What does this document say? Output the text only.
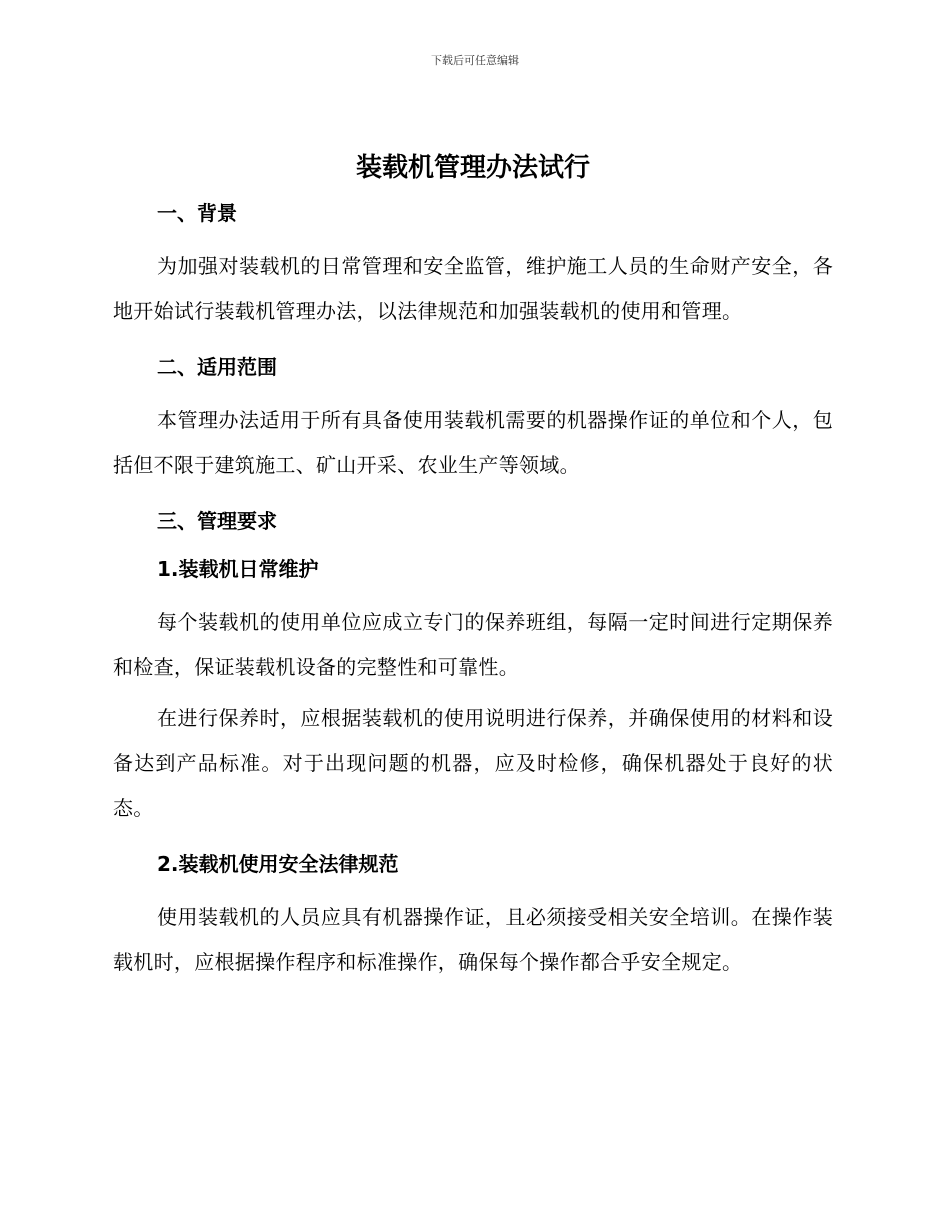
下载后可任意编辑
装载机管理办法试行
一、背景

为加强对装载机的日常管理和安全监管，维护施工人员的生命财产安全，各地开始试行装载机管理办法，以法律规范和加强装载机的使用和管理。

二、适用范围

本管理办法适用于所有具备使用装载机需要的机器操作证的单位和个人，包括但不限于建筑施工、矿山开采、农业生产等领域。

三、管理要求
1.装载机日常维护

每个装载机的使用单位应成立专门的保养班组，每隔一定时间进行定期保养和检查，保证装载机设备的完整性和可靠性。

在进行保养时，应根据装载机的使用说明进行保养，并确保使用的材料和设备达到产品标准。对于出现问题的机器，应及时检修，确保机器处于良好的状态。

2.装载机使用安全法律规范

使用装载机的人员应具有机器操作证，且必须接受相关安全培训。在操作装载机时，应根据操作程序和标准操作，确保每个操作都合乎安全规定。
